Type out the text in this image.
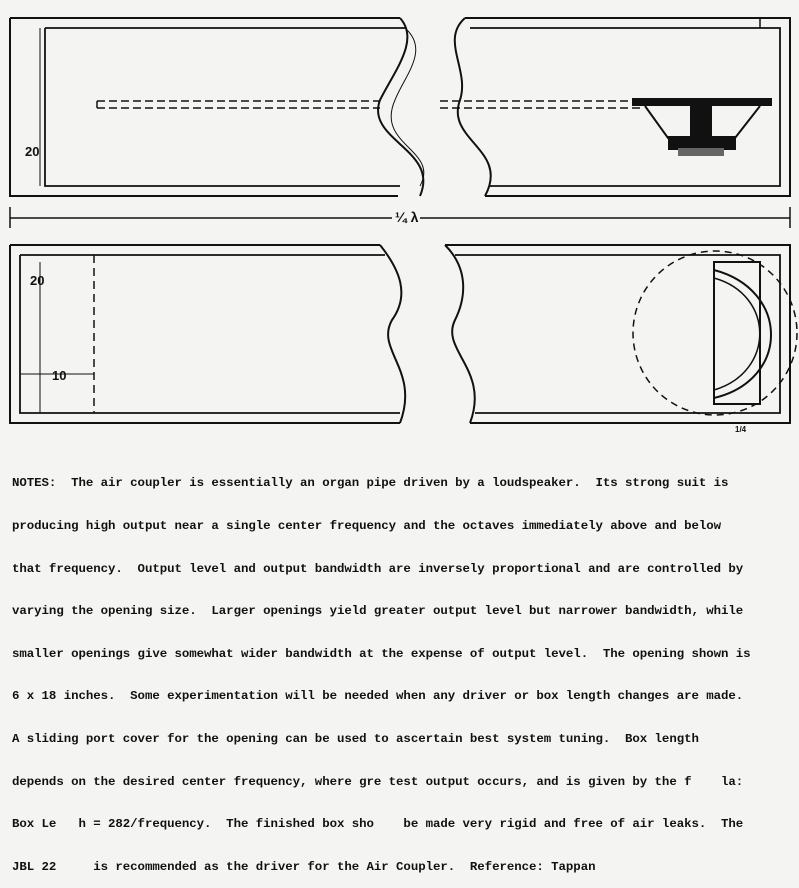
20
¼ λ
20
10
1/4

NOTES:  The air coupler is essentially an organ pipe driven by a loudspeaker.  Its strong suit is

producing high output near a single center frequency and the octaves immediately above and below

that frequency.  Output level and output bandwidth are inversely proportional and are controlled by

varying the opening size.  Larger openings yield greater output level but narrower bandwidth, while

smaller openings give somewhat wider bandwidth at the expense of output level.  The opening shown is

6 x 18 inches.  Some experimentation will be needed when any driver or box length changes are made.

A sliding port cover for the opening can be used to ascertain best system tuning.  Box length

depends on the desired center frequency, where gre test output occurs, and is given by the f    la:

Box Le   h = 282/frequency.  The finished box sho    be made very rigid and free of air leaks.  The

JBL 22     is recommended as the driver for the Air Coupler.  Reference: Tappan
